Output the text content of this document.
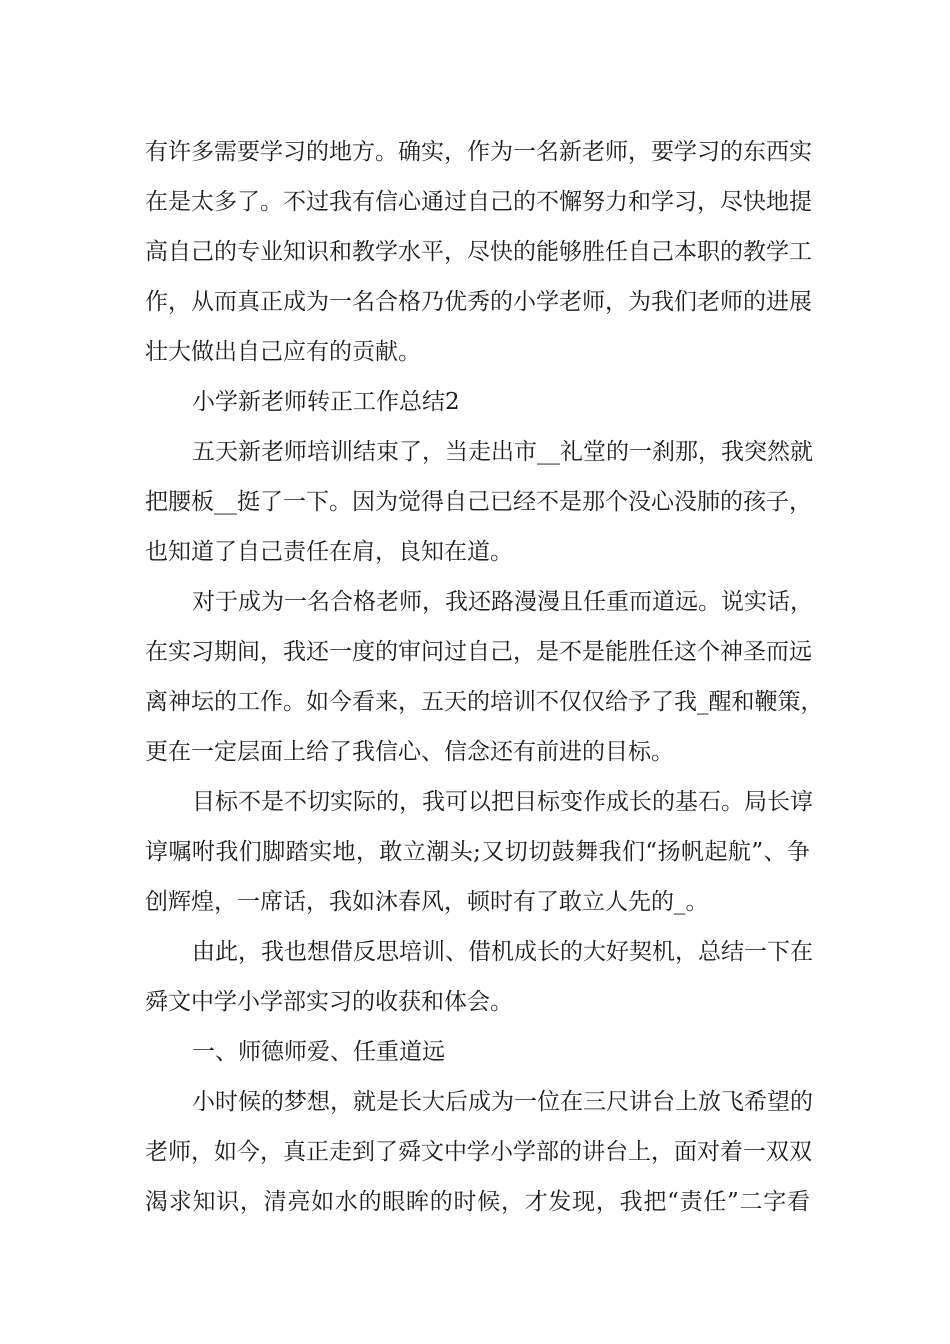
有许多需要学习的地方。确实，作为一名新老师，要学习的东西实
在是太多了。不过我有信心通过自己的不懈努力和学习，尽快地提
高自己的专业知识和教学水平，尽快的能够胜任自己本职的教学工
作，从而真正成为一名合格乃优秀的小学老师，为我们老师的进展
壮大做出自己应有的贡献。
小学新老师转正工作总结2
五天新老师培训结束了，当走出市__礼堂的一刹那，我突然就
把腰板__挺了一下。因为觉得自己已经不是那个没心没肺的孩子，
也知道了自己责任在肩，良知在道。
对于成为一名合格老师，我还路漫漫且任重而道远。说实话，
在实习期间，我还一度的审问过自己，是不是能胜任这个神圣而远
离神坛的工作。如今看来，五天的培训不仅仅给予了我_醒和鞭策，
更在一定层面上给了我信心、信念还有前进的目标。
目标不是不切实际的，我可以把目标变作成长的基石。局长谆
谆嘱咐我们脚踏实地，敢立潮头;又切切鼓舞我们“扬帆起航”、争
创辉煌，一席话，我如沐春风，顿时有了敢立人先的_。
由此，我也想借反思培训、借机成长的大好契机，总结一下在
舜文中学小学部实习的收获和体会。
一、师德师爱、任重道远
小时候的梦想，就是长大后成为一位在三尺讲台上放飞希望的
老师，如今，真正走到了舜文中学小学部的讲台上，面对着一双双
渴求知识，清亮如水的眼眸的时候，才发现，我把“责任”二字看
